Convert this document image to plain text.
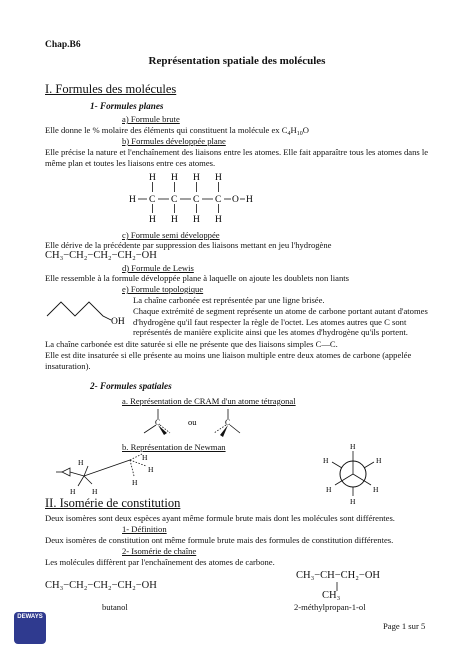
Chap.B6
Représentation spatiale des molécules
I. Formules des molécules
1- Formules planes
a) Formule brute
Elle donne le % molaire des éléments qui constituent la molécule ex $C_4H_{10}O$
b) Formules développée plane
Elle précise la nature et l'enchaînement des liaisons entre les atomes. Elle fait apparaître tous les atomes dans le même plan et toutes les liaisons entre ces atomes.
H C C C C O H
H H H H
H H H H
c) Formule semi développée
Elle dérive de la précédente par suppression des liaisons mettant en jeu l'hydrogène
CH₃−CH₂−CH₂−CH₂−OH
d) Formule de Lewis
Elle ressemble à la formule développée plane à laquelle on ajoute les doublets non liants
e) Formule topologique
OH
La chaîne carbonée est représentée par une ligne brisée.
Chaque extrémité de segment représente un atome de carbone portant autant d'atomes d'hydrogène qu'il faut respecter la règle de l'octet. Les atomes autres que C sont représentés de manière explicite ainsi que les atomes d'hydrogène qu'ils portent.
La chaîne carbonée est dite saturée si elle ne présente que des liaisons simples C—C.
Elle est dite insaturée si elle présente au moins une liaison multiple entre deux atomes de carbone (appelée insaturation).
2- Formules spatiales
a. Représentation de CRAM d'un atome tétragonal
C	ou	C
b. Représentation de Newman
H
H H
H
H
H
H
H	H
H	H
H
II. Isomérie de constitution
Deux isomères sont deux espèces ayant même formule brute mais dont les molécules sont différentes.
1- Définition
Deux isomères de constitution ont même formule brute mais des formules de constitution différentes.
2- Isomérie de chaîne
Les molécules diffèrent par l'enchaînement des atomes de carbone.
CH₃−CH₂−CH₂−CH₂−OH
CH₃−CH−CH₂−OH
CH₃
butanol	2-méthylpropan-1-ol
DEWAYS
Page 1 sur 5
